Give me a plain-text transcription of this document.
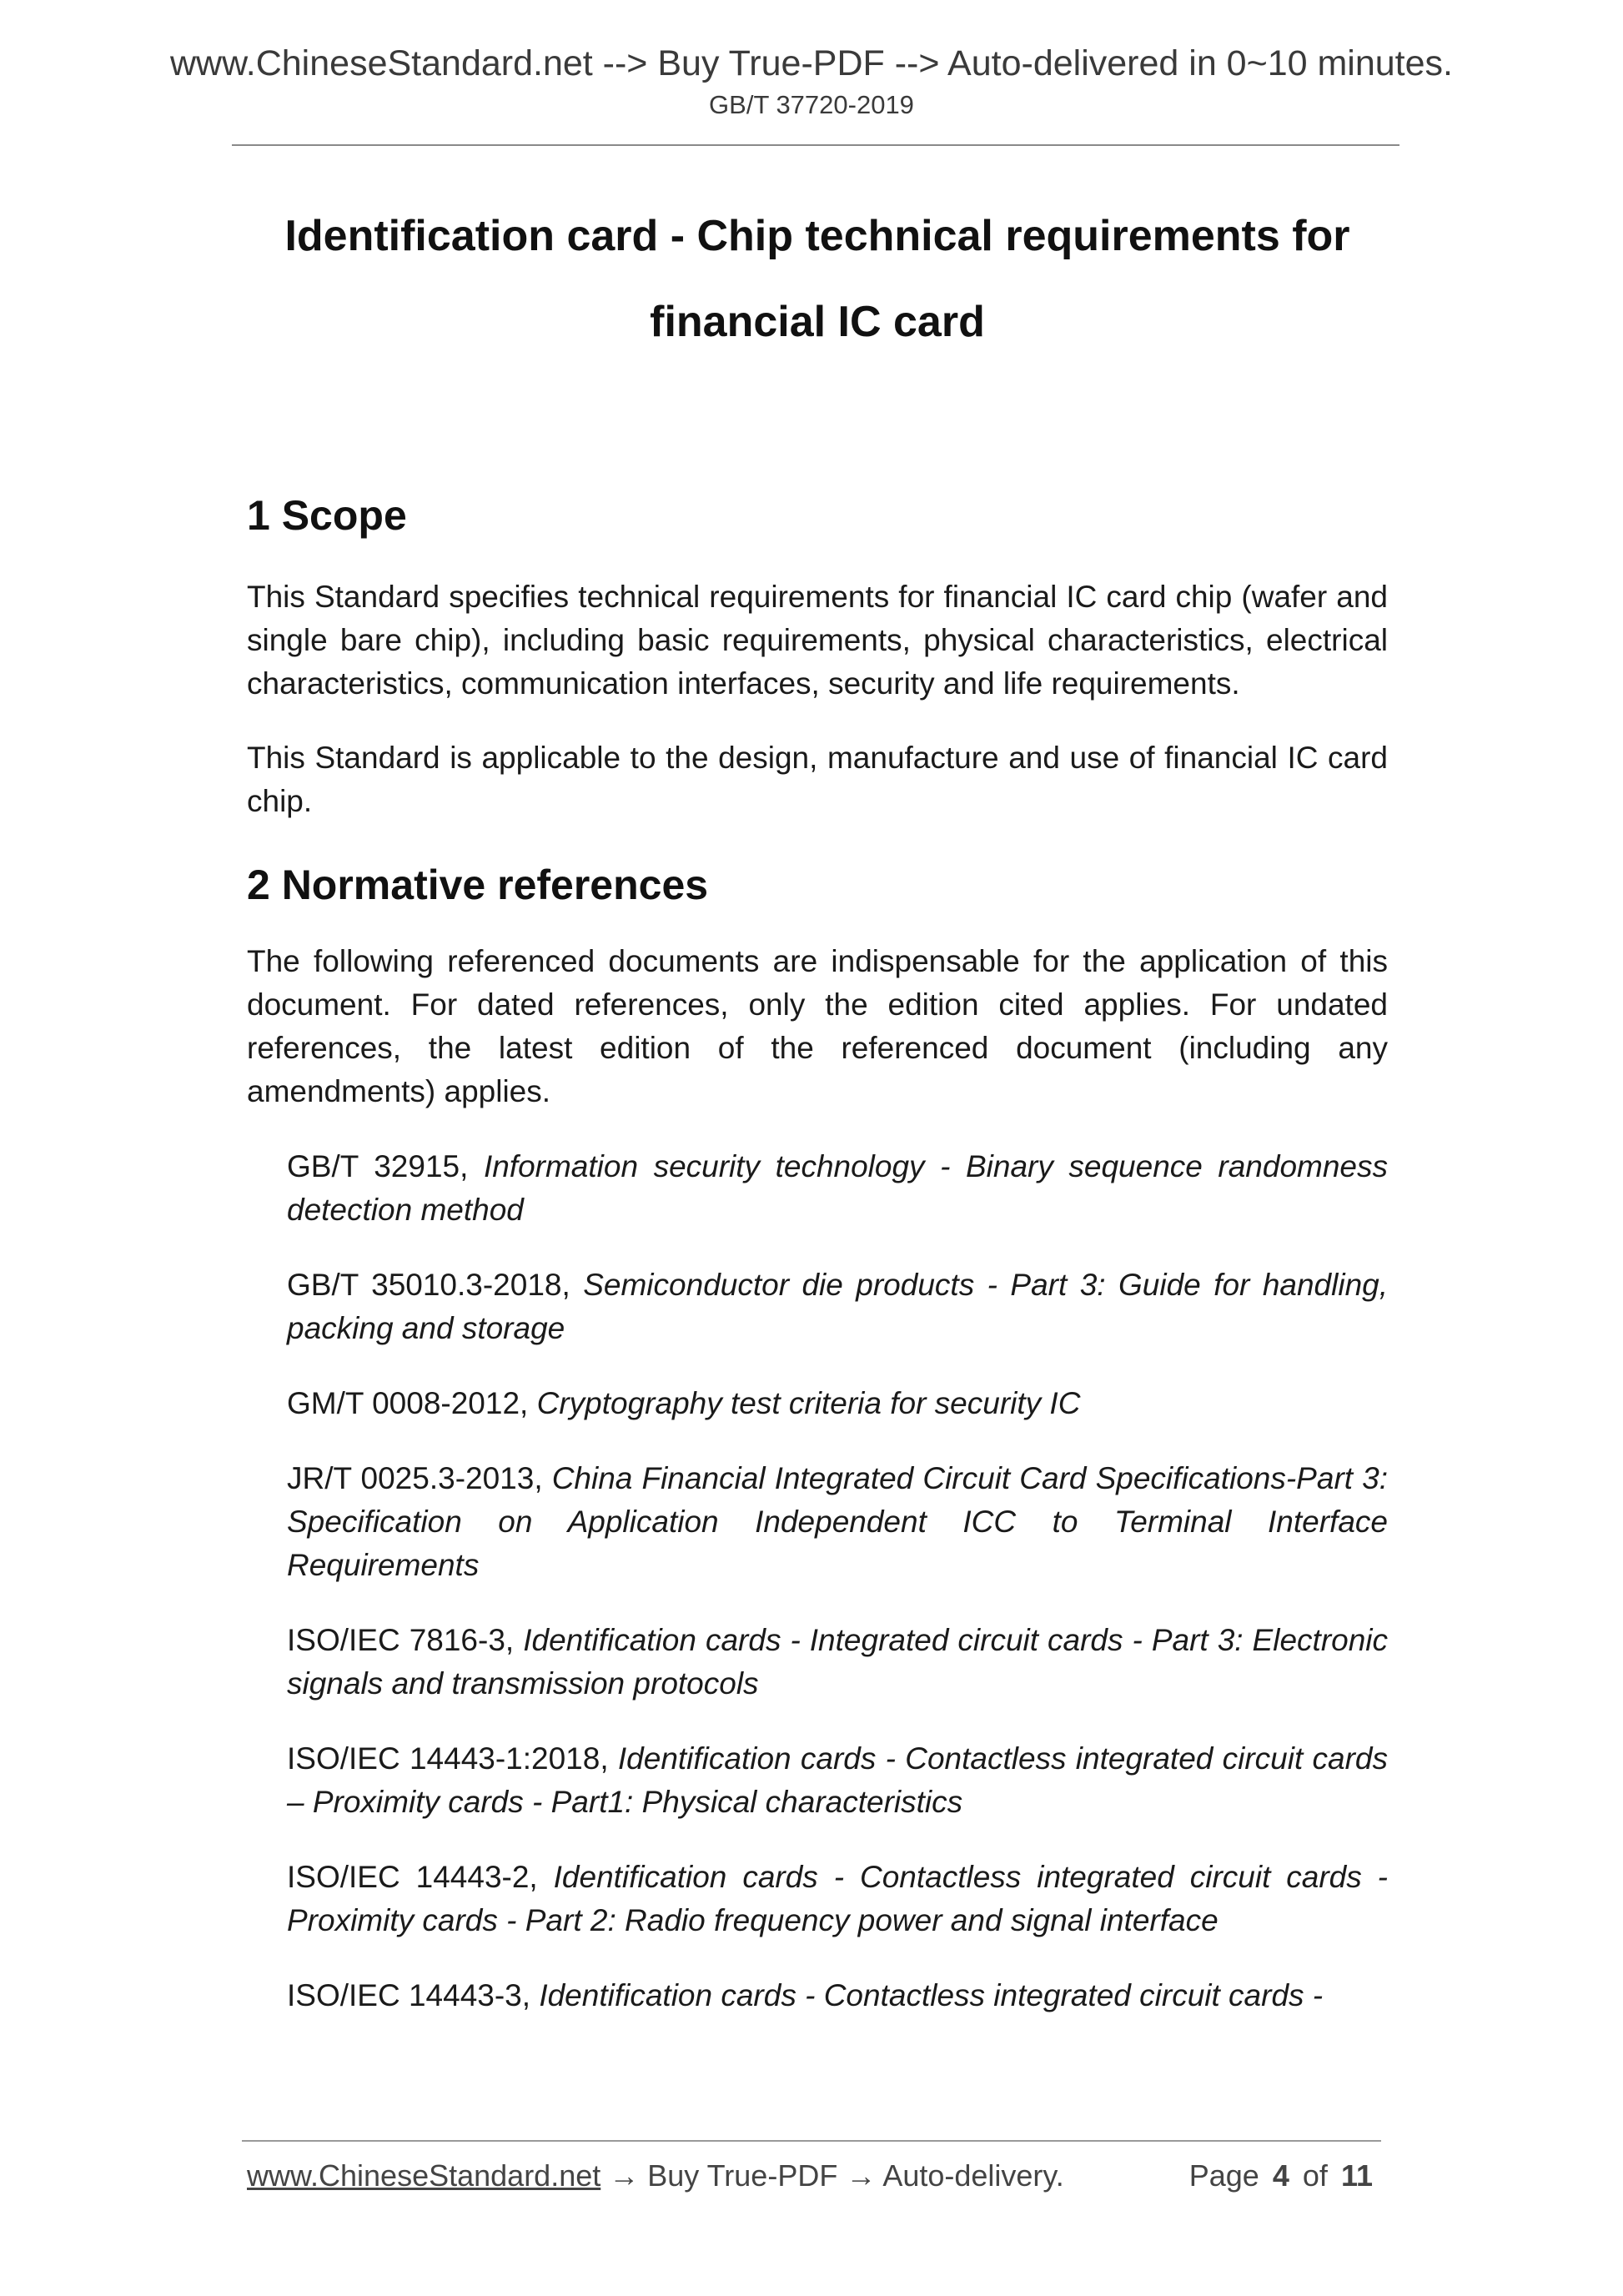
www.ChineseStandard.net --> Buy True-PDF --> Auto-delivered in 0~10 minutes.
GB/T 37720-2019
Identification card - Chip technical requirements for
financial IC card
1 Scope

This Standard specifies technical requirements for financial IC card chip (wafer and single bare chip), including basic requirements, physical characteristics, electrical characteristics, communication interfaces, security and life requirements.

This Standard is applicable to the design, manufacture and use of financial IC card chip.

2 Normative references

The following referenced documents are indispensable for the application of this document. For dated references, only the edition cited applies. For undated references, the latest edition of the referenced document (including any amendments) applies.

GB/T 32915, Information security technology - Binary sequence randomness detection method

GB/T 35010.3-2018, Semiconductor die products - Part 3: Guide for handling, packing and storage

GM/T 0008-2012, Cryptography test criteria for security IC

JR/T 0025.3-2013, China Financial Integrated Circuit Card Specifications-Part 3: Specification on Application Independent ICC to Terminal Interface Requirements

ISO/IEC 7816-3, Identification cards - Integrated circuit cards - Part 3: Electronic signals and transmission protocols

ISO/IEC 14443-1:2018, Identification cards - Contactless integrated circuit cards – Proximity cards - Part1: Physical characteristics

ISO/IEC 14443-2, Identification cards - Contactless integrated circuit cards - Proximity cards - Part 2: Radio frequency power and signal interface

ISO/IEC 14443-3, Identification cards - Contactless integrated circuit cards -

www.ChineseStandard.net → Buy True-PDF → Auto-delivery.	Page 4 of 11
